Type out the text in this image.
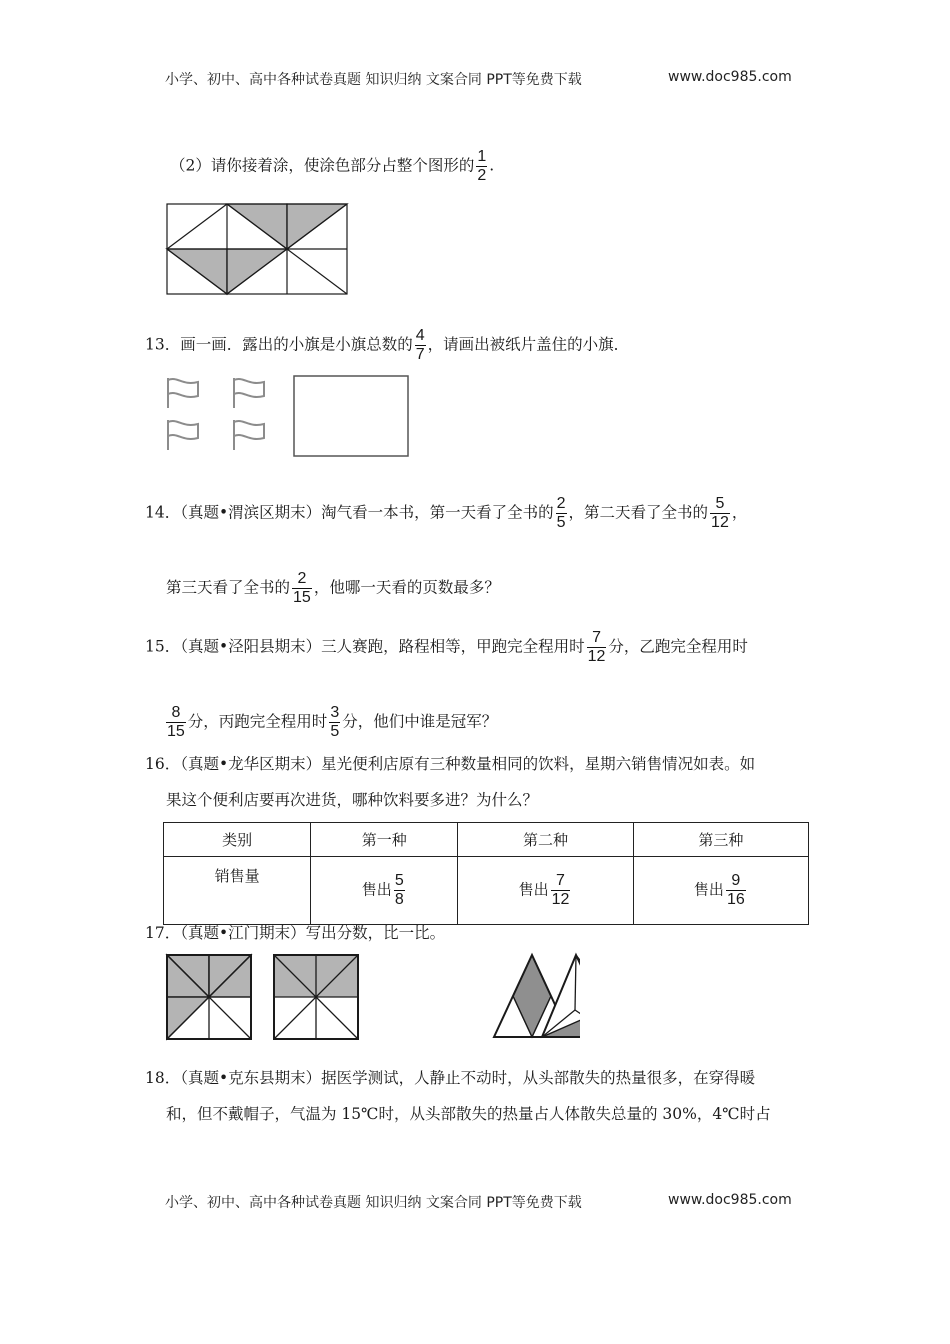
小学、初中、高中各种试卷真题 知识归纳 文案合同 PPT等免费下载	www.doc985.com
（2）请你接着涂，使涂色部分占整个图形的 $\frac{1}{2}$ .
13．画一画．露出的小旗是小旗总数的 $\frac{4}{7}$ ，请画出被纸片盖住的小旗．
14．（真题•渭滨区期末）淘气看一本书，第一天看了全书的 $\frac{2}{5}$ ，第二天看了全书的 $\frac{5}{12}$ ，
第三天看了全书的 $\frac{2}{15}$ ，他哪一天看的页数最多？
15．（真题•泾阳县期末）三人赛跑，路程相等，甲跑完全程用时 $\frac{7}{12}$ 分，乙跑完全程用时
$\frac{8}{15}$ 分，丙跑完全程用时 $\frac{3}{5}$ 分，他们中谁是冠军？
16．（真题•龙华区期末）星光便利店原有三种数量相同的饮料，星期六销售情况如表。如
果这个便利店要再次进货，哪种饮料要多进？为什么？
类别	第一种	第二种	第三种
销售量	售出 $\frac{5}{8}$	售出 $\frac{7}{12}$	售出 $\frac{9}{16}$
17．（真题•江门期末）写出分数，比一比。
18．（真题•克东县期末）据医学测试，人静止不动时，从头部散失的热量很多，在穿得暖
和，但不戴帽子，气温为 15℃时，从头部散失的热量占人体散失总量的 30%，4℃时占
小学、初中、高中各种试卷真题 知识归纳 文案合同 PPT等免费下载	www.doc985.com
